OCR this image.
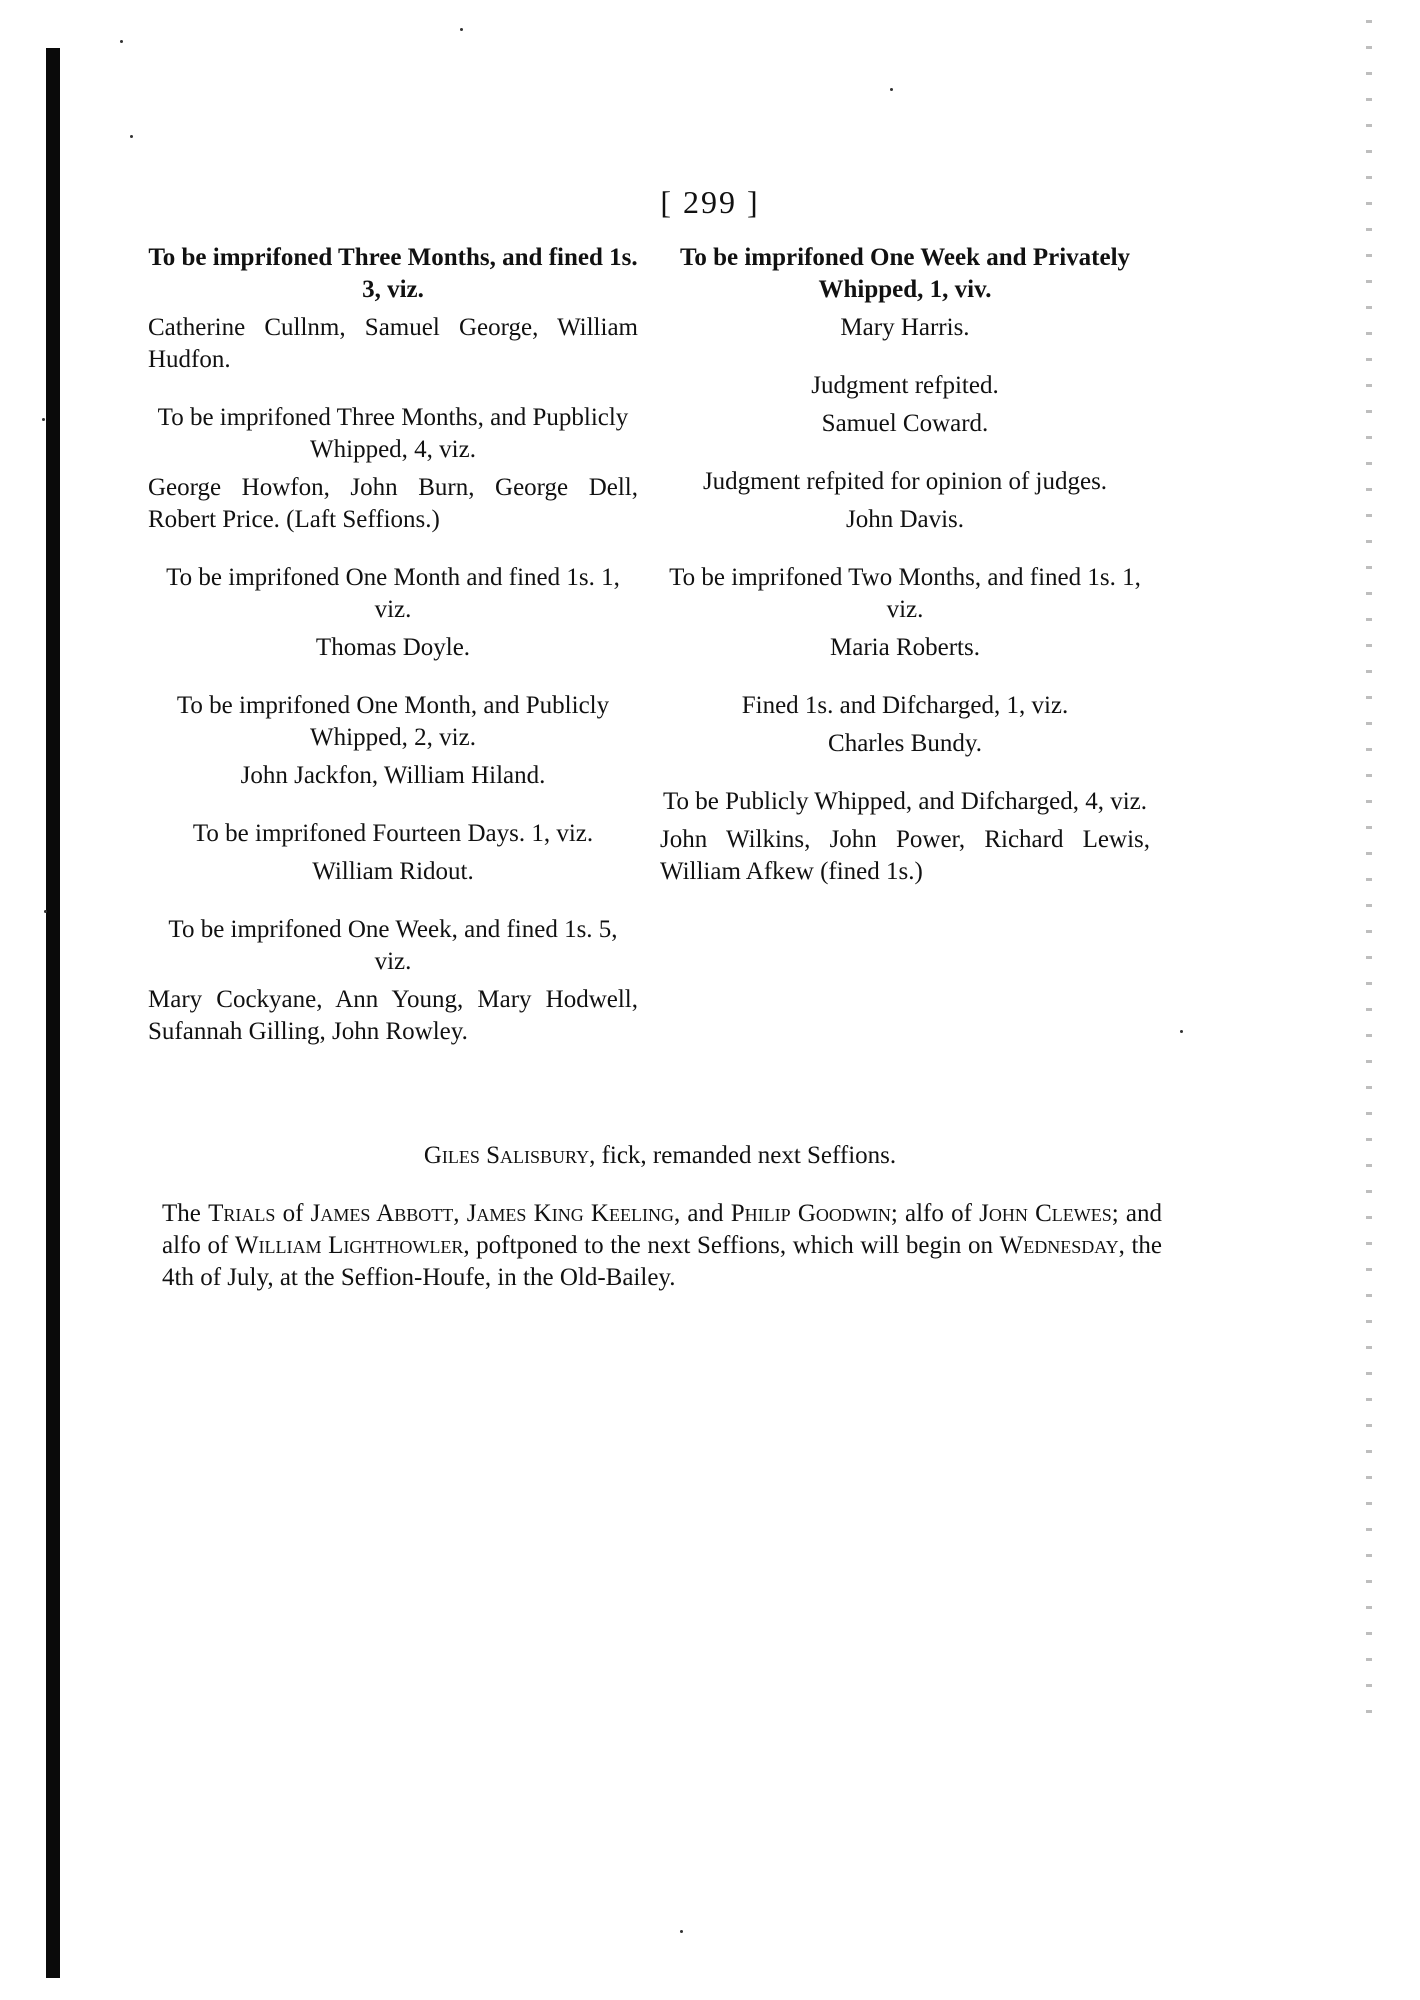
[ 299 ]

To be imprifoned Three Months, and fined 1s. 3, viz.

Catherine Cullnm, Samuel George, William Hudfon.

To be imprifoned Three Months, and Pupblicly Whipped, 4, viz.

George Howfon, John Burn, George Dell, Robert Price. (Laft Seffions.)

To be imprifoned One Month and fined 1s. 1, viz.

Thomas Doyle.

To be imprifoned One Month, and Publicly Whipped, 2, viz.

John Jackfon, William Hiland.

To be imprifoned Fourteen Days. 1, viz.

William Ridout.

To be imprifoned One Week, and fined 1s. 5, viz.

Mary Cockyane, Ann Young, Mary Hodwell, Sufannah Gilling, John Rowley.

To be imprifoned One Week and Privately Whipped, 1, viv.

Mary Harris.

Judgment refpited.

Samuel Coward.

Judgment refpited for opinion of judges.

John Davis.

To be imprifoned Two Months, and fined 1s. 1, viz.

Maria Roberts.

Fined 1s. and Difcharged, 1, viz.

Charles Bundy.

To be Publicly Whipped, and Difcharged, 4, viz.

John Wilkins, John Power, Richard Lewis, William Afkew (fined 1s.)

Giles Salisbury, fick, remanded next Seffions.

The Trials of James Abbott, James King Keeling, and Philip Goodwin; alfo of John Clewes; and alfo of William Lighthowler, poftponed to the next Seffions, which will begin on Wednesday, the 4th of July, at the Seffion-Houfe, in the Old-Bailey.
